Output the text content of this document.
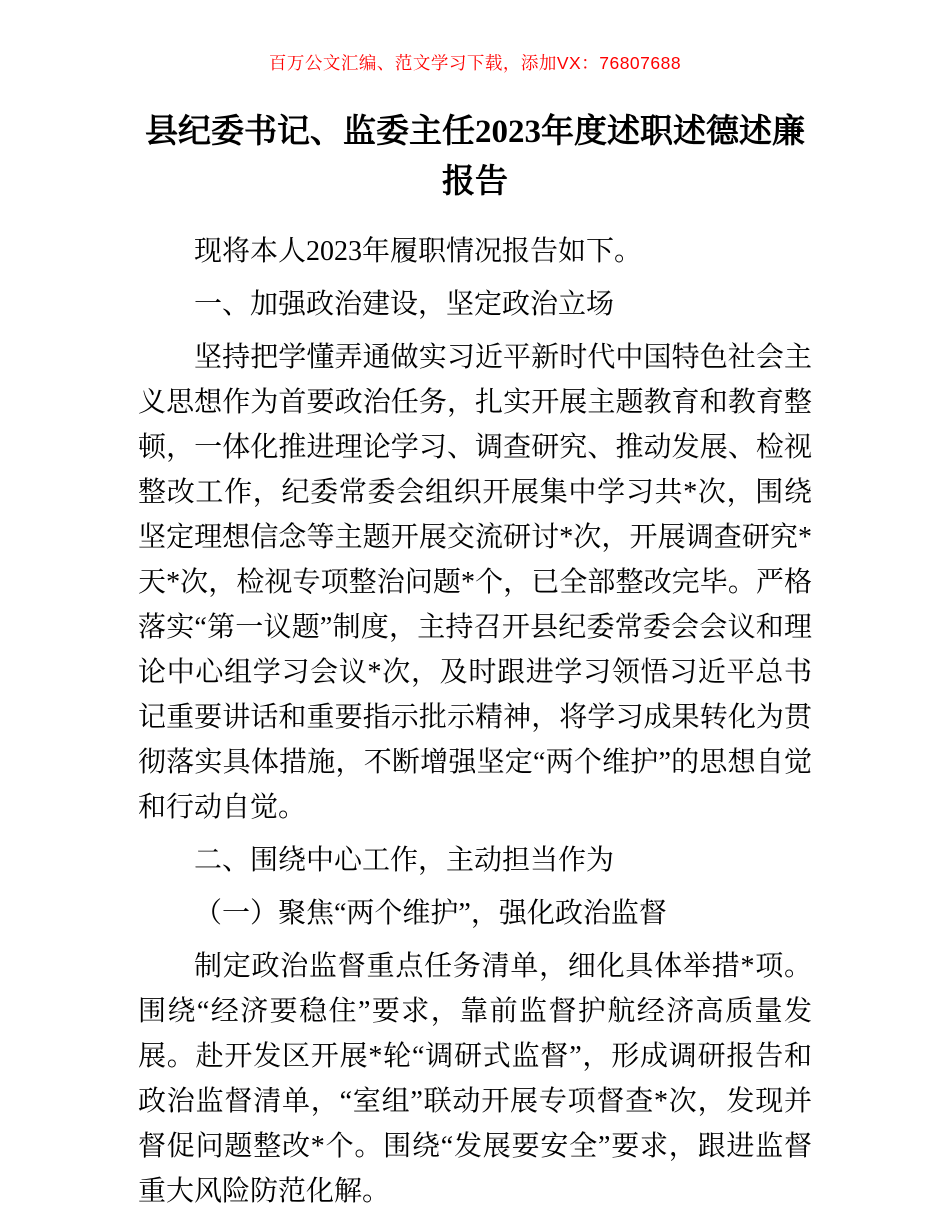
百万公文汇编、范文学习下载，添加VX：76807688
县纪委书记、监委主任2023年度述职述德述廉报告

现将本人2023年履职情况报告如下。

一、加强政治建设，坚定政治立场

坚持把学懂弄通做实习近平新时代中国特色社会主义思想作为首要政治任务，扎实开展主题教育和教育整顿，一体化推进理论学习、调查研究、推动发展、检视整改工作，纪委常委会组织开展集中学习共*次，围绕坚定理想信念等主题开展交流研讨*次，开展调查研究*天*次，检视专项整治问题*个，已全部整改完毕。严格落实“第一议题”制度，主持召开县纪委常委会会议和理论中心组学习会议*次，及时跟进学习领悟习近平总书记重要讲话和重要指示批示精神，将学习成果转化为贯彻落实具体措施，不断增强坚定“两个维护”的思想自觉和行动自觉。

二、围绕中心工作，主动担当作为

（一）聚焦“两个维护”，强化政治监督

制定政治监督重点任务清单，细化具体举措*项。围绕“经济要稳住”要求，靠前监督护航经济高质量发展。赴开发区开展*轮“调研式监督”，形成调研报告和政治监督清单，“室组”联动开展专项督查*次，发现并督促问题整改*个。围绕“发展要安全”要求，跟进监督重大风险防范化解。
